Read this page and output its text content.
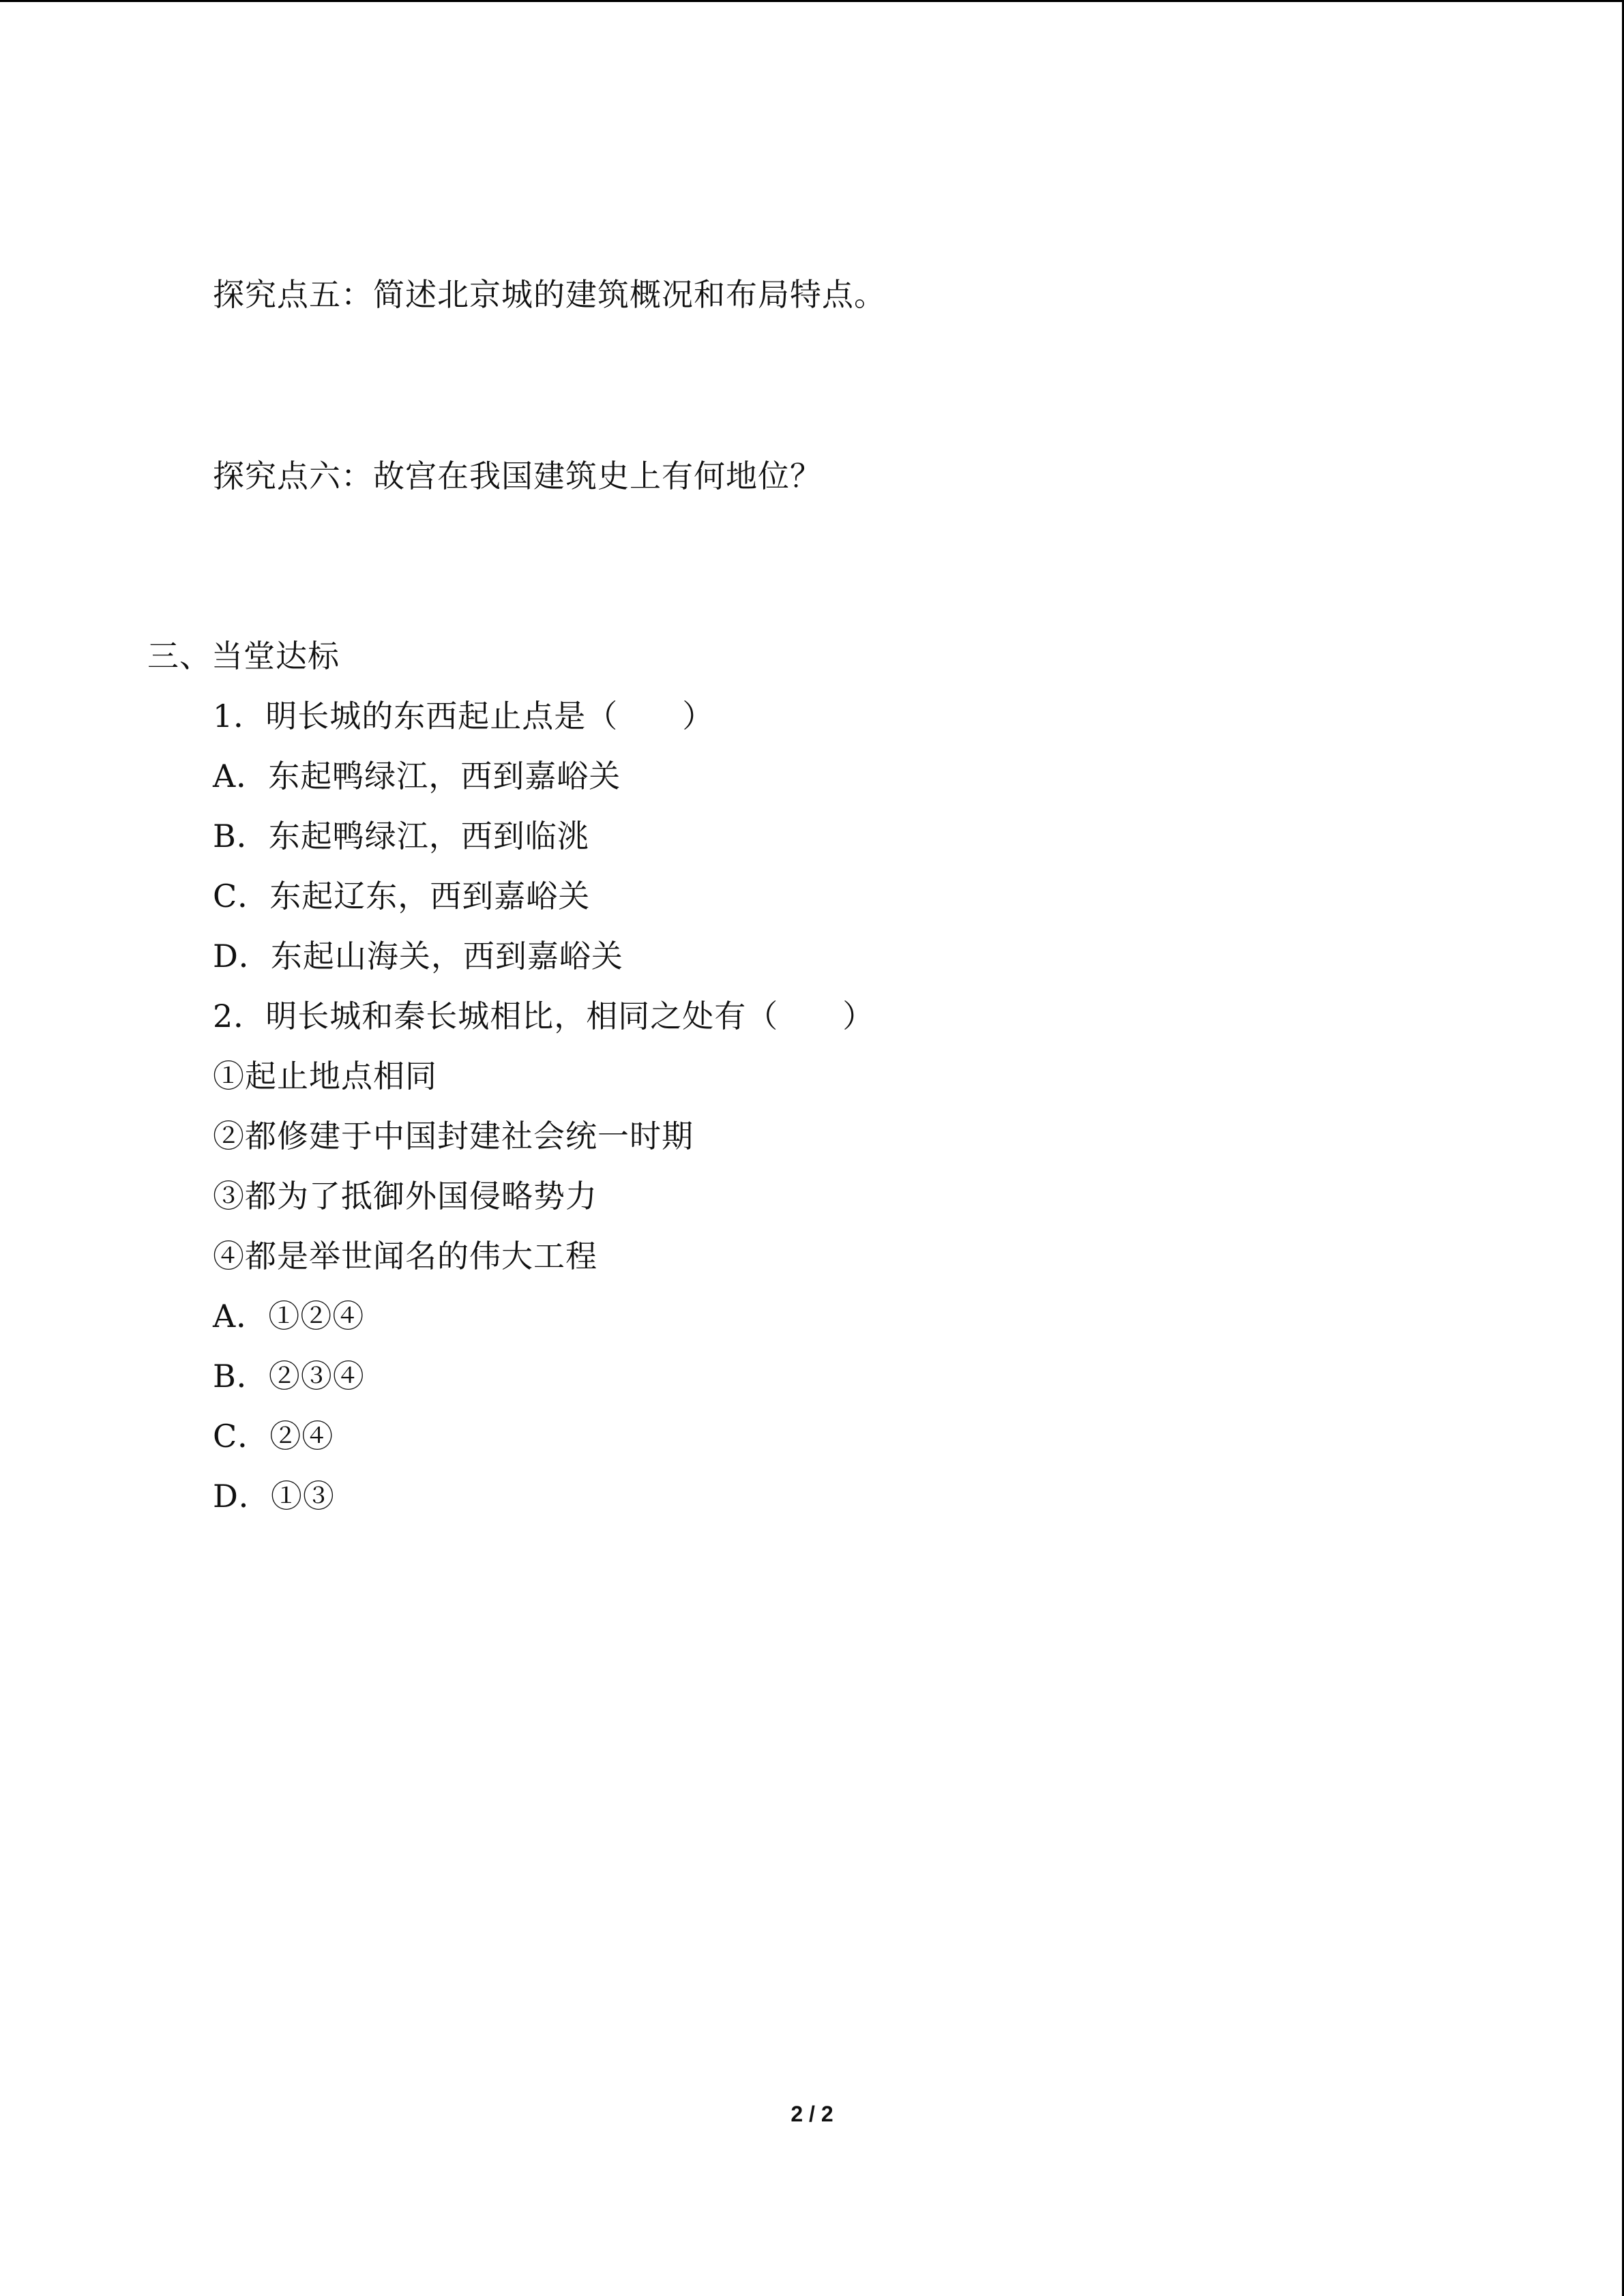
探究点五：简述北京城的建筑概况和布局特点。
探究点六：故宫在我国建筑史上有何地位？
三、当堂达标
1．明长城的东西起止点是（　　）
A．东起鸭绿江，西到嘉峪关
B．东起鸭绿江，西到临洮
C．东起辽东，西到嘉峪关
D．东起山海关，西到嘉峪关
2．明长城和秦长城相比，相同之处有（　　）
①起止地点相同
②都修建于中国封建社会统一时期
③都为了抵御外国侵略势力
④都是举世闻名的伟大工程
A．①②④
B．②③④
C．②④
D．①③
2 / 2
